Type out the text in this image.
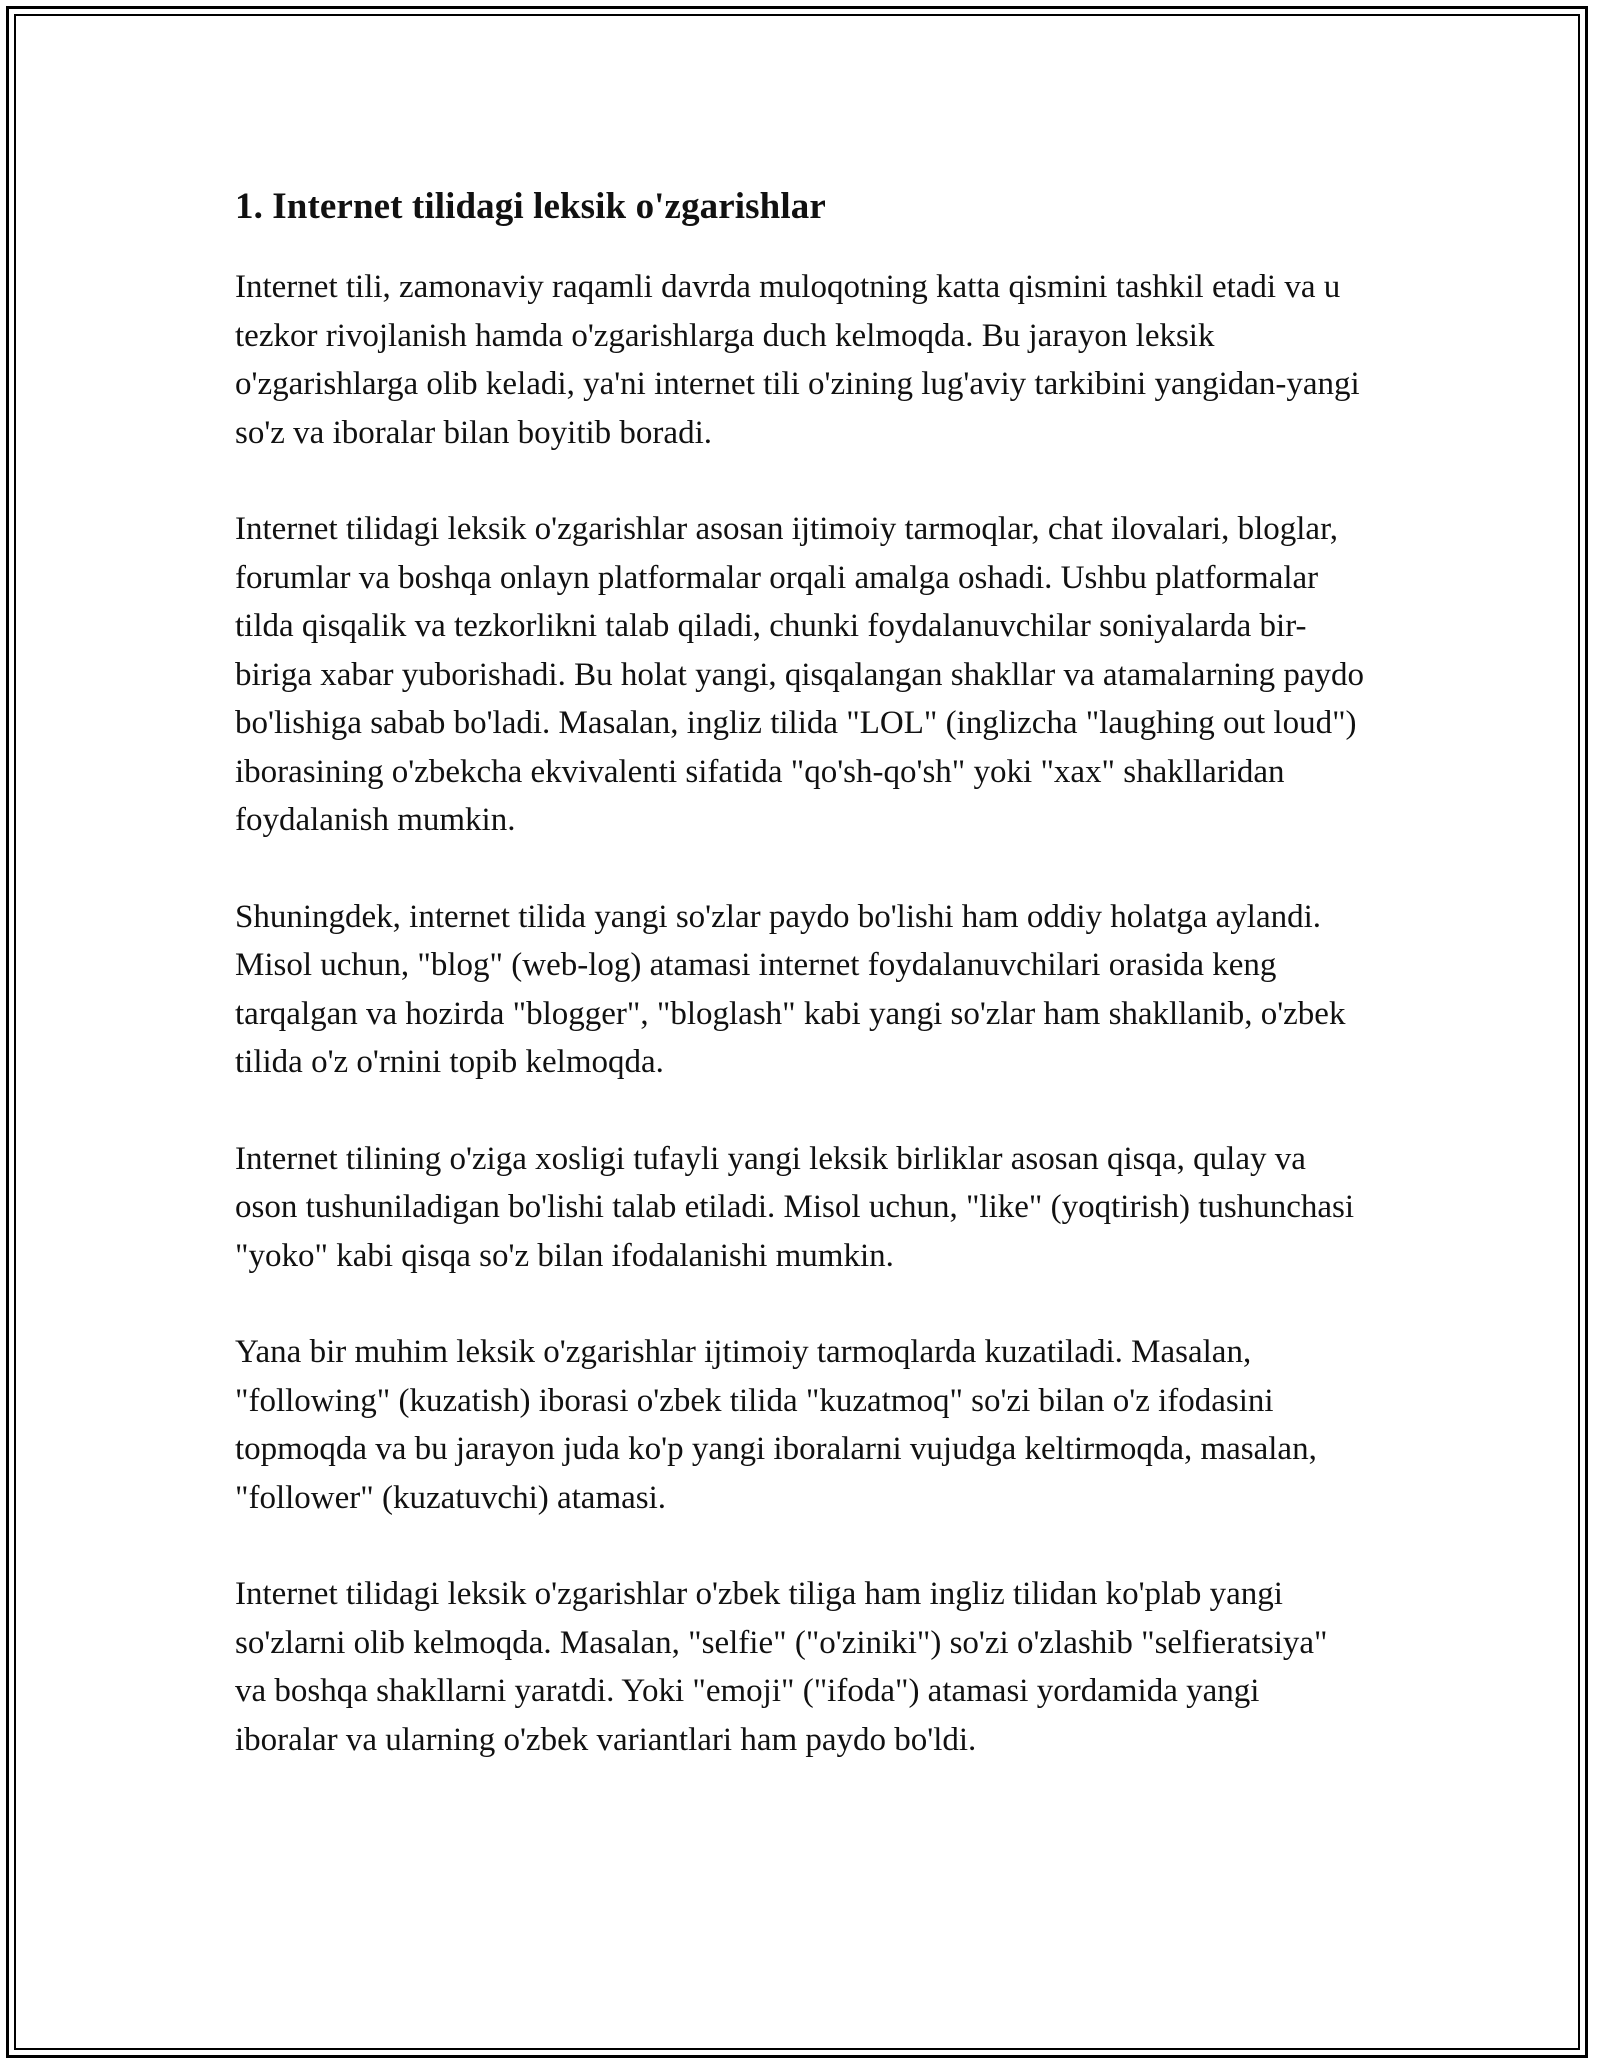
1. Internet tilidagi leksik o'zgarishlar

Internet tili, zamonaviy raqamli davrda muloqotning katta qismini tashkil etadi va u tezkor rivojlanish hamda o'zgarishlarga duch kelmoqda. Bu jarayon leksik o'zgarishlarga olib keladi, ya'ni internet tili o'zining lug'aviy tarkibini yangidan-yangi so'z va iboralar bilan boyitib boradi.

Internet tilidagi leksik o'zgarishlar asosan ijtimoiy tarmoqlar, chat ilovalari, bloglar, forumlar va boshqa onlayn platformalar orqali amalga oshadi. Ushbu platformalar tilda qisqalik va tezkorlikni talab qiladi, chunki foydalanuvchilar soniyalarda bir-biriga xabar yuborishadi. Bu holat yangi, qisqalangan shakllar va atamalarning paydo bo'lishiga sabab bo'ladi. Masalan, ingliz tilida "LOL" (inglizcha "laughing out loud") iborasining o'zbekcha ekvivalenti sifatida "qo'sh-qo'sh" yoki "xax" shakllaridan foydalanish mumkin.

Shuningdek, internet tilida yangi so'zlar paydo bo'lishi ham oddiy holatga aylandi. Misol uchun, "blog" (web-log) atamasi internet foydalanuvchilari orasida keng tarqalgan va hozirda "blogger", "bloglash" kabi yangi so'zlar ham shakllanib, o'zbek tilida o'z o'rnini topib kelmoqda.

Internet tilining o'ziga xosligi tufayli yangi leksik birliklar asosan qisqa, qulay va oson tushuniladigan bo'lishi talab etiladi. Misol uchun, "like" (yoqtirish) tushunchasi "yoko" kabi qisqa so'z bilan ifodalanishi mumkin.

Yana bir muhim leksik o'zgarishlar ijtimoiy tarmoqlarda kuzatiladi. Masalan, "following" (kuzatish) iborasi o'zbek tilida "kuzatmoq" so'zi bilan o'z ifodasini topmoqda va bu jarayon juda ko'p yangi iboralarni vujudga keltirmoqda, masalan, "follower" (kuzatuvchi) atamasi.

Internet tilidagi leksik o'zgarishlar o'zbek tiliga ham ingliz tilidan ko'plab yangi so'zlarni olib kelmoqda. Masalan, "selfie" ("o'ziniki") so'zi o'zlashib "selfieratsiya" va boshqa shakllarni yaratdi. Yoki "emoji" ("ifoda") atamasi yordamida yangi iboralar va ularning o'zbek variantlari ham paydo bo'ldi.
